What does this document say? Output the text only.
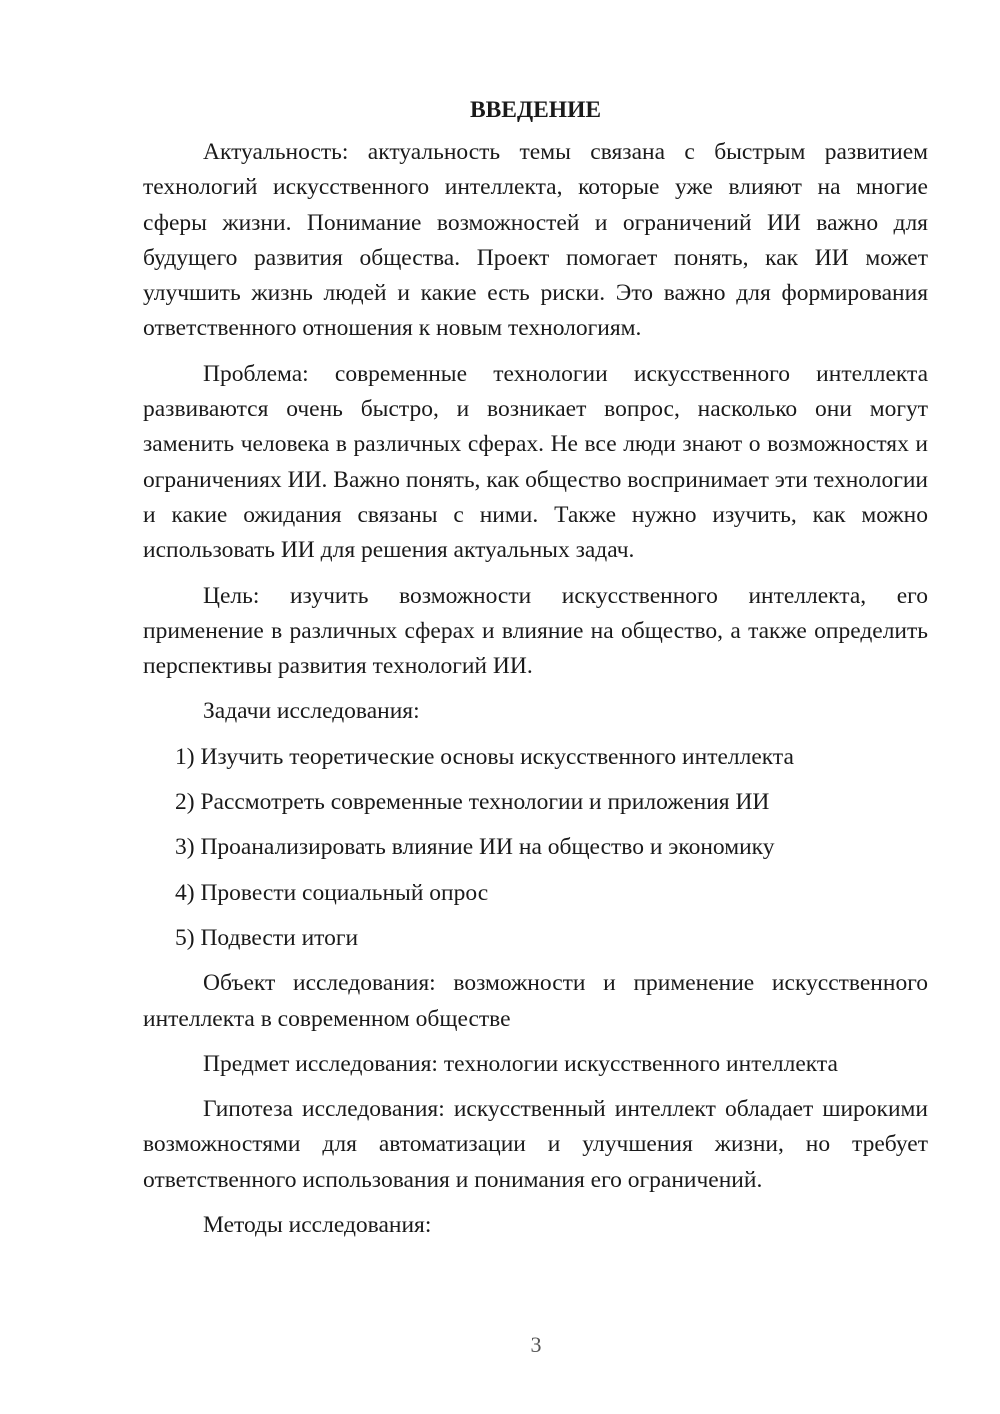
ВВЕДЕНИЕ

Актуальность: актуальность темы связана с быстрым развитием технологий искусственного интеллекта, которые уже влияют на многие сферы жизни. Понимание возможностей и ограничений ИИ важно для будущего развития общества. Проект помогает понять, как ИИ может улучшить жизнь людей и какие есть риски. Это важно для формирования ответственного отношения к новым технологиям.

Проблема: современные технологии искусственного интеллекта развиваются очень быстро, и возникает вопрос, насколько они могут заменить человека в различных сферах. Не все люди знают о возможностях и ограничениях ИИ. Важно понять, как общество воспринимает эти технологии и какие ожидания связаны с ними. Также нужно изучить, как можно использовать ИИ для решения актуальных задач.

Цель: изучить возможности искусственного интеллекта, его применение в различных сферах и влияние на общество, а также определить перспективы развития технологий ИИ.

Задачи исследования:

1) Изучить теоретические основы искусственного интеллекта
2) Рассмотреть современные технологии и приложения ИИ
3) Проанализировать влияние ИИ на общество и экономику
4) Провести социальный опрос
5) Подвести итоги

Объект исследования: возможности и применение искусственного интеллекта в современном обществе

Предмет исследования: технологии искусственного интеллекта

Гипотеза исследования: искусственный интеллект обладает широкими возможностями для автоматизации и улучшения жизни, но требует ответственного использования и понимания его ограничений.

Методы исследования:

3
